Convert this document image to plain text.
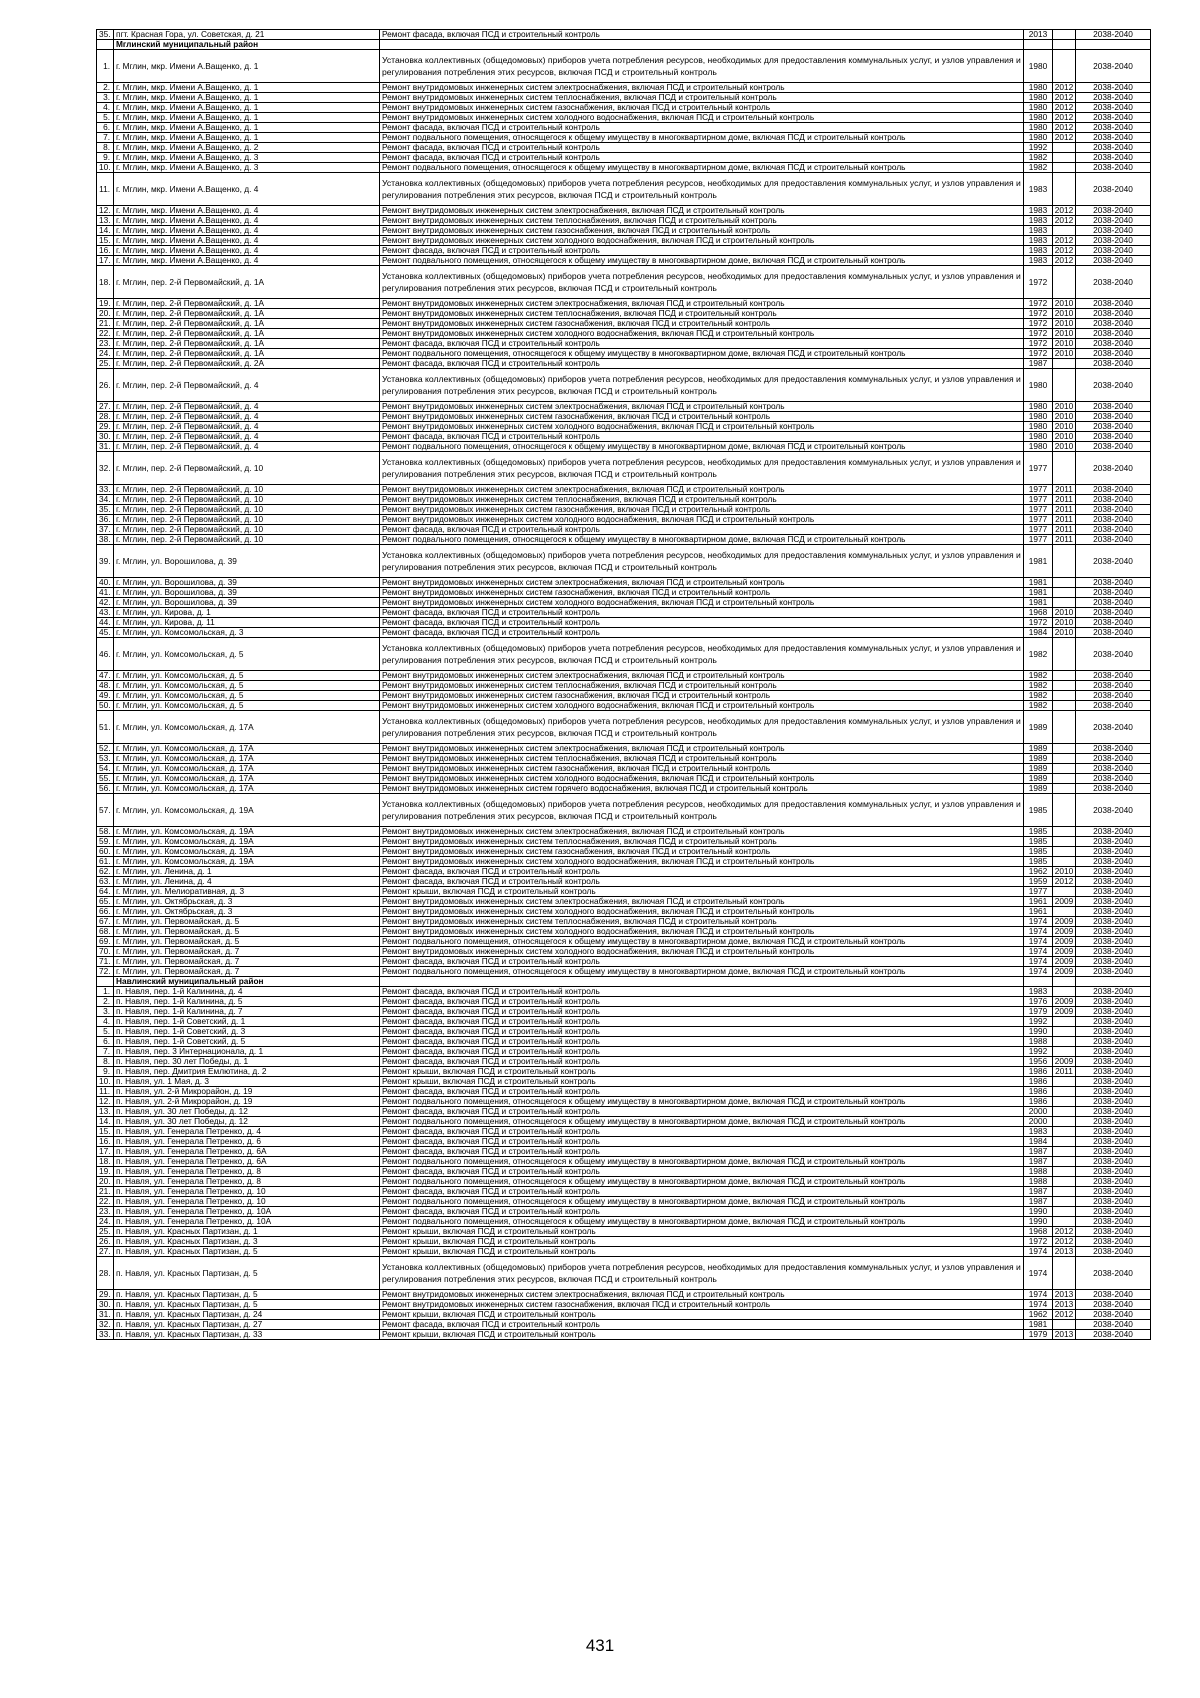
35.	пгт. Красная Гора, ул. Советская, д. 21	Ремонт фасада, включая ПСД и строительный контроль	2013		2038-2040
	Мглинский муниципальный район				
1.	г. Мглин, мкр. Имени А.Ващенко, д. 1	Установка коллективных (общедомовых) приборов учета потребления ресурсов, необходимых для предоставления коммунальных услуг, и узлов управления и регулирования потребления этих ресурсов, включая ПСД и строительный контроль	1980		2038-2040
2.	г. Мглин, мкр. Имени А.Ващенко, д. 1	Ремонт внутридомовых инженерных систем электроснабжения, включая ПСД и строительный контроль	1980	2012	2038-2040
3.	г. Мглин, мкр. Имени А.Ващенко, д. 1	Ремонт внутридомовых инженерных систем теплоснабжения, включая ПСД и строительный контроль	1980	2012	2038-2040
4.	г. Мглин, мкр. Имени А.Ващенко, д. 1	Ремонт внутридомовых инженерных систем газоснабжения, включая ПСД и строительный контроль	1980	2012	2038-2040
5.	г. Мглин, мкр. Имени А.Ващенко, д. 1	Ремонт внутридомовых инженерных систем холодного водоснабжения, включая ПСД и строительный контроль	1980	2012	2038-2040
6.	г. Мглин, мкр. Имени А.Ващенко, д. 1	Ремонт фасада, включая ПСД и строительный контроль	1980	2012	2038-2040
7.	г. Мглин, мкр. Имени А.Ващенко, д. 1	Ремонт подвального помещения, относящегося к общему имуществу в многоквартирном доме, включая ПСД и строительный контроль	1980	2012	2038-2040
8.	г. Мглин, мкр. Имени А.Ващенко, д. 2	Ремонт фасада, включая ПСД и строительный контроль	1992		2038-2040
9.	г. Мглин, мкр. Имени А.Ващенко, д. 3	Ремонт фасада, включая ПСД и строительный контроль	1982		2038-2040
10.	г. Мглин, мкр. Имени А.Ващенко, д. 3	Ремонт подвального помещения, относящегося к общему имуществу в многоквартирном доме, включая ПСД и строительный контроль	1982		2038-2040
11.	г. Мглин, мкр. Имени А.Ващенко, д. 4	Установка коллективных (общедомовых) приборов учета потребления ресурсов, необходимых для предоставления коммунальных услуг, и узлов управления и регулирования потребления этих ресурсов, включая ПСД и строительный контроль	1983		2038-2040
12.	г. Мглин, мкр. Имени А.Ващенко, д. 4	Ремонт внутридомовых инженерных систем электроснабжения, включая ПСД и строительный контроль	1983	2012	2038-2040
13.	г. Мглин, мкр. Имени А.Ващенко, д. 4	Ремонт внутридомовых инженерных систем теплоснабжения, включая ПСД и строительный контроль	1983	2012	2038-2040
14.	г. Мглин, мкр. Имени А.Ващенко, д. 4	Ремонт внутридомовых инженерных систем газоснабжения, включая ПСД и строительный контроль	1983		2038-2040
15.	г. Мглин, мкр. Имени А.Ващенко, д. 4	Ремонт внутридомовых инженерных систем холодного водоснабжения, включая ПСД и строительный контроль	1983	2012	2038-2040
16.	г. Мглин, мкр. Имени А.Ващенко, д. 4	Ремонт фасада, включая ПСД и строительный контроль	1983	2012	2038-2040
17.	г. Мглин, мкр. Имени А.Ващенко, д. 4	Ремонт подвального помещения, относящегося к общему имуществу в многоквартирном доме, включая ПСД и строительный контроль	1983	2012	2038-2040
18.	г. Мглин, пер. 2-й Первомайский, д. 1А	Установка коллективных (общедомовых) приборов учета потребления ресурсов, необходимых для предоставления коммунальных услуг, и узлов управления и регулирования потребления этих ресурсов, включая ПСД и строительный контроль	1972		2038-2040
19.	г. Мглин, пер. 2-й Первомайский, д. 1А	Ремонт внутридомовых инженерных систем электроснабжения, включая ПСД и строительный контроль	1972	2010	2038-2040
20.	г. Мглин, пер. 2-й Первомайский, д. 1А	Ремонт внутридомовых инженерных систем теплоснабжения, включая ПСД и строительный контроль	1972	2010	2038-2040
21.	г. Мглин, пер. 2-й Первомайский, д. 1А	Ремонт внутридомовых инженерных систем газоснабжения, включая ПСД и строительный контроль	1972	2010	2038-2040
22.	г. Мглин, пер. 2-й Первомайский, д. 1А	Ремонт внутридомовых инженерных систем холодного водоснабжения, включая ПСД и строительный контроль	1972	2010	2038-2040
23.	г. Мглин, пер. 2-й Первомайский, д. 1А	Ремонт фасада, включая ПСД и строительный контроль	1972	2010	2038-2040
24.	г. Мглин, пер. 2-й Первомайский, д. 1А	Ремонт подвального помещения, относящегося к общему имуществу в многоквартирном доме, включая ПСД и строительный контроль	1972	2010	2038-2040
25.	г. Мглин, пер. 2-й Первомайский, д. 2А	Ремонт фасада, включая ПСД и строительный контроль	1987		2038-2040
26.	г. Мглин, пер. 2-й Первомайский, д. 4	Установка коллективных (общедомовых) приборов учета потребления ресурсов, необходимых для предоставления коммунальных услуг, и узлов управления и регулирования потребления этих ресурсов, включая ПСД и строительный контроль	1980		2038-2040
27.	г. Мглин, пер. 2-й Первомайский, д. 4	Ремонт внутридомовых инженерных систем электроснабжения, включая ПСД и строительный контроль	1980	2010	2038-2040
28.	г. Мглин, пер. 2-й Первомайский, д. 4	Ремонт внутридомовых инженерных систем газоснабжения, включая ПСД и строительный контроль	1980	2010	2038-2040
29.	г. Мглин, пер. 2-й Первомайский, д. 4	Ремонт внутридомовых инженерных систем холодного водоснабжения, включая ПСД и строительный контроль	1980	2010	2038-2040
30.	г. Мглин, пер. 2-й Первомайский, д. 4	Ремонт фасада, включая ПСД и строительный контроль	1980	2010	2038-2040
31.	г. Мглин, пер. 2-й Первомайский, д. 4	Ремонт подвального помещения, относящегося к общему имуществу в многоквартирном доме, включая ПСД и строительный контроль	1980	2010	2038-2040
32.	г. Мглин, пер. 2-й Первомайский, д. 10	Установка коллективных (общедомовых) приборов учета потребления ресурсов, необходимых для предоставления коммунальных услуг, и узлов управления и регулирования потребления этих ресурсов, включая ПСД и строительный контроль	1977		2038-2040
33.	г. Мглин, пер. 2-й Первомайский, д. 10	Ремонт внутридомовых инженерных систем электроснабжения, включая ПСД и строительный контроль	1977	2011	2038-2040
34.	г. Мглин, пер. 2-й Первомайский, д. 10	Ремонт внутридомовых инженерных систем теплоснабжения, включая ПСД и строительный контроль	1977	2011	2038-2040
35.	г. Мглин, пер. 2-й Первомайский, д. 10	Ремонт внутридомовых инженерных систем газоснабжения, включая ПСД и строительный контроль	1977	2011	2038-2040
36.	г. Мглин, пер. 2-й Первомайский, д. 10	Ремонт внутридомовых инженерных систем холодного водоснабжения, включая ПСД и строительный контроль	1977	2011	2038-2040
37.	г. Мглин, пер. 2-й Первомайский, д. 10	Ремонт фасада, включая ПСД и строительный контроль	1977	2011	2038-2040
38.	г. Мглин, пер. 2-й Первомайский, д. 10	Ремонт подвального помещения, относящегося к общему имуществу в многоквартирном доме, включая ПСД и строительный контроль	1977	2011	2038-2040
39.	г. Мглин, ул. Ворошилова, д. 39	Установка коллективных (общедомовых) приборов учета потребления ресурсов, необходимых для предоставления коммунальных услуг, и узлов управления и регулирования потребления этих ресурсов, включая ПСД и строительный контроль	1981		2038-2040
40.	г. Мглин, ул. Ворошилова, д. 39	Ремонт внутридомовых инженерных систем электроснабжения, включая ПСД и строительный контроль	1981		2038-2040
41.	г. Мглин, ул. Ворошилова, д. 39	Ремонт внутридомовых инженерных систем газоснабжения, включая ПСД и строительный контроль	1981		2038-2040
42.	г. Мглин, ул. Ворошилова, д. 39	Ремонт внутридомовых инженерных систем холодного водоснабжения, включая ПСД и строительный контроль	1981		2038-2040
43.	г. Мглин, ул. Кирова, д. 1	Ремонт фасада, включая ПСД и строительный контроль	1968	2010	2038-2040
44.	г. Мглин, ул. Кирова, д. 11	Ремонт фасада, включая ПСД и строительный контроль	1972	2010	2038-2040
45.	г. Мглин, ул. Комсомольская, д. 3	Ремонт фасада, включая ПСД и строительный контроль	1984	2010	2038-2040
46.	г. Мглин, ул. Комсомольская, д. 5	Установка коллективных (общедомовых) приборов учета потребления ресурсов, необходимых для предоставления коммунальных услуг, и узлов управления и регулирования потребления этих ресурсов, включая ПСД и строительный контроль	1982		2038-2040
47.	г. Мглин, ул. Комсомольская, д. 5	Ремонт внутридомовых инженерных систем электроснабжения, включая ПСД и строительный контроль	1982		2038-2040
48.	г. Мглин, ул. Комсомольская, д. 5	Ремонт внутридомовых инженерных систем теплоснабжения, включая ПСД и строительный контроль	1982		2038-2040
49.	г. Мглин, ул. Комсомольская, д. 5	Ремонт внутридомовых инженерных систем газоснабжения, включая ПСД и строительный контроль	1982		2038-2040
50.	г. Мглин, ул. Комсомольская, д. 5	Ремонт внутридомовых инженерных систем холодного водоснабжения, включая ПСД и строительный контроль	1982		2038-2040
51.	г. Мглин, ул. Комсомольская, д. 17А	Установка коллективных (общедомовых) приборов учета потребления ресурсов, необходимых для предоставления коммунальных услуг, и узлов управления и регулирования потребления этих ресурсов, включая ПСД и строительный контроль	1989		2038-2040
52.	г. Мглин, ул. Комсомольская, д. 17А	Ремонт внутридомовых инженерных систем электроснабжения, включая ПСД и строительный контроль	1989		2038-2040
53.	г. Мглин, ул. Комсомольская, д. 17А	Ремонт внутридомовых инженерных систем теплоснабжения, включая ПСД и строительный контроль	1989		2038-2040
54.	г. Мглин, ул. Комсомольская, д. 17А	Ремонт внутридомовых инженерных систем газоснабжения, включая ПСД и строительный контроль	1989		2038-2040
55.	г. Мглин, ул. Комсомольская, д. 17А	Ремонт внутридомовых инженерных систем холодного водоснабжения, включая ПСД и строительный контроль	1989		2038-2040
56.	г. Мглин, ул. Комсомольская, д. 17А	Ремонт внутридомовых инженерных систем горячего водоснабжения, включая ПСД и строительный контроль	1989		2038-2040
57.	г. Мглин, ул. Комсомольская, д. 19А	Установка коллективных (общедомовых) приборов учета потребления ресурсов, необходимых для предоставления коммунальных услуг, и узлов управления и регулирования потребления этих ресурсов, включая ПСД и строительный контроль	1985		2038-2040
58.	г. Мглин, ул. Комсомольская, д. 19А	Ремонт внутридомовых инженерных систем электроснабжения, включая ПСД и строительный контроль	1985		2038-2040
59.	г. Мглин, ул. Комсомольская, д. 19А	Ремонт внутридомовых инженерных систем теплоснабжения, включая ПСД и строительный контроль	1985		2038-2040
60.	г. Мглин, ул. Комсомольская, д. 19А	Ремонт внутридомовых инженерных систем газоснабжения, включая ПСД и строительный контроль	1985		2038-2040
61.	г. Мглин, ул. Комсомольская, д. 19А	Ремонт внутридомовых инженерных систем холодного водоснабжения, включая ПСД и строительный контроль	1985		2038-2040
62.	г. Мглин, ул. Ленина, д. 1	Ремонт фасада, включая ПСД и строительный контроль	1962	2010	2038-2040
63.	г. Мглин, ул. Ленина, д. 4	Ремонт фасада, включая ПСД и строительный контроль	1959	2012	2038-2040
64.	г. Мглин, ул. Мелиоративная, д. 3	Ремонт крыши, включая ПСД и строительный контроль	1977		2038-2040
65.	г. Мглин, ул. Октябрьская, д. 3	Ремонт внутридомовых инженерных систем электроснабжения, включая ПСД и строительный контроль	1961	2009	2038-2040
66.	г. Мглин, ул. Октябрьская, д. 3	Ремонт внутридомовых инженерных систем холодного водоснабжения, включая ПСД и строительный контроль	1961		2038-2040
67.	г. Мглин, ул. Первомайская, д. 5	Ремонт внутридомовых инженерных систем теплоснабжения, включая ПСД и строительный контроль	1974	2009	2038-2040
68.	г. Мглин, ул. Первомайская, д. 5	Ремонт внутридомовых инженерных систем холодного водоснабжения, включая ПСД и строительный контроль	1974	2009	2038-2040
69.	г. Мглин, ул. Первомайская, д. 5	Ремонт подвального помещения, относящегося к общему имуществу в многоквартирном доме, включая ПСД и строительный контроль	1974	2009	2038-2040
70.	г. Мглин, ул. Первомайская, д. 7	Ремонт внутридомовых инженерных систем холодного водоснабжения, включая ПСД и строительный контроль	1974	2009	2038-2040
71.	г. Мглин, ул. Первомайская, д. 7	Ремонт фасада, включая ПСД и строительный контроль	1974	2009	2038-2040
72.	г. Мглин, ул. Первомайская, д. 7	Ремонт подвального помещения, относящегося к общему имуществу в многоквартирном доме, включая ПСД и строительный контроль	1974	2009	2038-2040
	Навлинский муниципальный район				
1.	п. Навля, пер. 1-й Калинина, д. 4	Ремонт фасада, включая ПСД и строительный контроль	1983		2038-2040
2.	п. Навля, пер. 1-й Калинина, д. 5	Ремонт фасада, включая ПСД и строительный контроль	1976	2009	2038-2040
3.	п. Навля, пер. 1-й Калинина, д. 7	Ремонт фасада, включая ПСД и строительный контроль	1979	2009	2038-2040
4.	п. Навля, пер. 1-й Советский, д. 1	Ремонт фасада, включая ПСД и строительный контроль	1992		2038-2040
5.	п. Навля, пер. 1-й Советский, д. 3	Ремонт фасада, включая ПСД и строительный контроль	1990		2038-2040
6.	п. Навля, пер. 1-й Советский, д. 5	Ремонт фасада, включая ПСД и строительный контроль	1988		2038-2040
7.	п. Навля, пер. 3 Интернационала, д. 1	Ремонт фасада, включая ПСД и строительный контроль	1992		2038-2040
8.	п. Навля, пер. 30 лет Победы, д. 1	Ремонт фасада, включая ПСД и строительный контроль	1956	2009	2038-2040
9.	п. Навля, пер. Дмитрия Емлютина, д. 2	Ремонт крыши, включая ПСД и строительный контроль	1986	2011	2038-2040
10.	п. Навля, ул. 1 Мая, д. 3	Ремонт крыши, включая ПСД и строительный контроль	1986		2038-2040
11.	п. Навля, ул. 2-й Микрорайон, д. 19	Ремонт фасада, включая ПСД и строительный контроль	1986		2038-2040
12.	п. Навля, ул. 2-й Микрорайон, д. 19	Ремонт подвального помещения, относящегося к общему имуществу в многоквартирном доме, включая ПСД и строительный контроль	1986		2038-2040
13.	п. Навля, ул. 30 лет Победы, д. 12	Ремонт фасада, включая ПСД и строительный контроль	2000		2038-2040
14.	п. Навля, ул. 30 лет Победы, д. 12	Ремонт подвального помещения, относящегося к общему имуществу в многоквартирном доме, включая ПСД и строительный контроль	2000		2038-2040
15.	п. Навля, ул. Генерала Петренко, д. 4	Ремонт фасада, включая ПСД и строительный контроль	1983		2038-2040
16.	п. Навля, ул. Генерала Петренко, д. 6	Ремонт фасада, включая ПСД и строительный контроль	1984		2038-2040
17.	п. Навля, ул. Генерала Петренко, д. 6А	Ремонт фасада, включая ПСД и строительный контроль	1987		2038-2040
18.	п. Навля, ул. Генерала Петренко, д. 6А	Ремонт подвального помещения, относящегося к общему имуществу в многоквартирном доме, включая ПСД и строительный контроль	1987		2038-2040
19.	п. Навля, ул. Генерала Петренко, д. 8	Ремонт фасада, включая ПСД и строительный контроль	1988		2038-2040
20.	п. Навля, ул. Генерала Петренко, д. 8	Ремонт подвального помещения, относящегося к общему имуществу в многоквартирном доме, включая ПСД и строительный контроль	1988		2038-2040
21.	п. Навля, ул. Генерала Петренко, д. 10	Ремонт фасада, включая ПСД и строительный контроль	1987		2038-2040
22.	п. Навля, ул. Генерала Петренко, д. 10	Ремонт подвального помещения, относящегося к общему имуществу в многоквартирном доме, включая ПСД и строительный контроль	1987		2038-2040
23.	п. Навля, ул. Генерала Петренко, д. 10А	Ремонт фасада, включая ПСД и строительный контроль	1990		2038-2040
24.	п. Навля, ул. Генерала Петренко, д. 10А	Ремонт подвального помещения, относящегося к общему имуществу в многоквартирном доме, включая ПСД и строительный контроль	1990		2038-2040
25.	п. Навля, ул. Красных Партизан, д. 1	Ремонт крыши, включая ПСД и строительный контроль	1968	2012	2038-2040
26.	п. Навля, ул. Красных Партизан, д. 3	Ремонт крыши, включая ПСД и строительный контроль	1972	2012	2038-2040
27.	п. Навля, ул. Красных Партизан, д. 5	Ремонт крыши, включая ПСД и строительный контроль	1974	2013	2038-2040
28.	п. Навля, ул. Красных Партизан, д. 5	Установка коллективных (общедомовых) приборов учета потребления ресурсов, необходимых для предоставления коммунальных услуг, и узлов управления и регулирования потребления этих ресурсов, включая ПСД и строительный контроль	1974		2038-2040
29.	п. Навля, ул. Красных Партизан, д. 5	Ремонт внутридомовых инженерных систем электроснабжения, включая ПСД и строительный контроль	1974	2013	2038-2040
30.	п. Навля, ул. Красных Партизан, д. 5	Ремонт внутридомовых инженерных систем газоснабжения, включая ПСД и строительный контроль	1974	2013	2038-2040
31.	п. Навля, ул. Красных Партизан, д. 24	Ремонт крыши, включая ПСД и строительный контроль	1962	2012	2038-2040
32.	п. Навля, ул. Красных Партизан, д. 27	Ремонт фасада, включая ПСД и строительный контроль	1981		2038-2040
33.	п. Навля, ул. Красных Партизан, д. 33	Ремонт крыши, включая ПСД и строительный контроль	1979	2013	2038-2040
431
